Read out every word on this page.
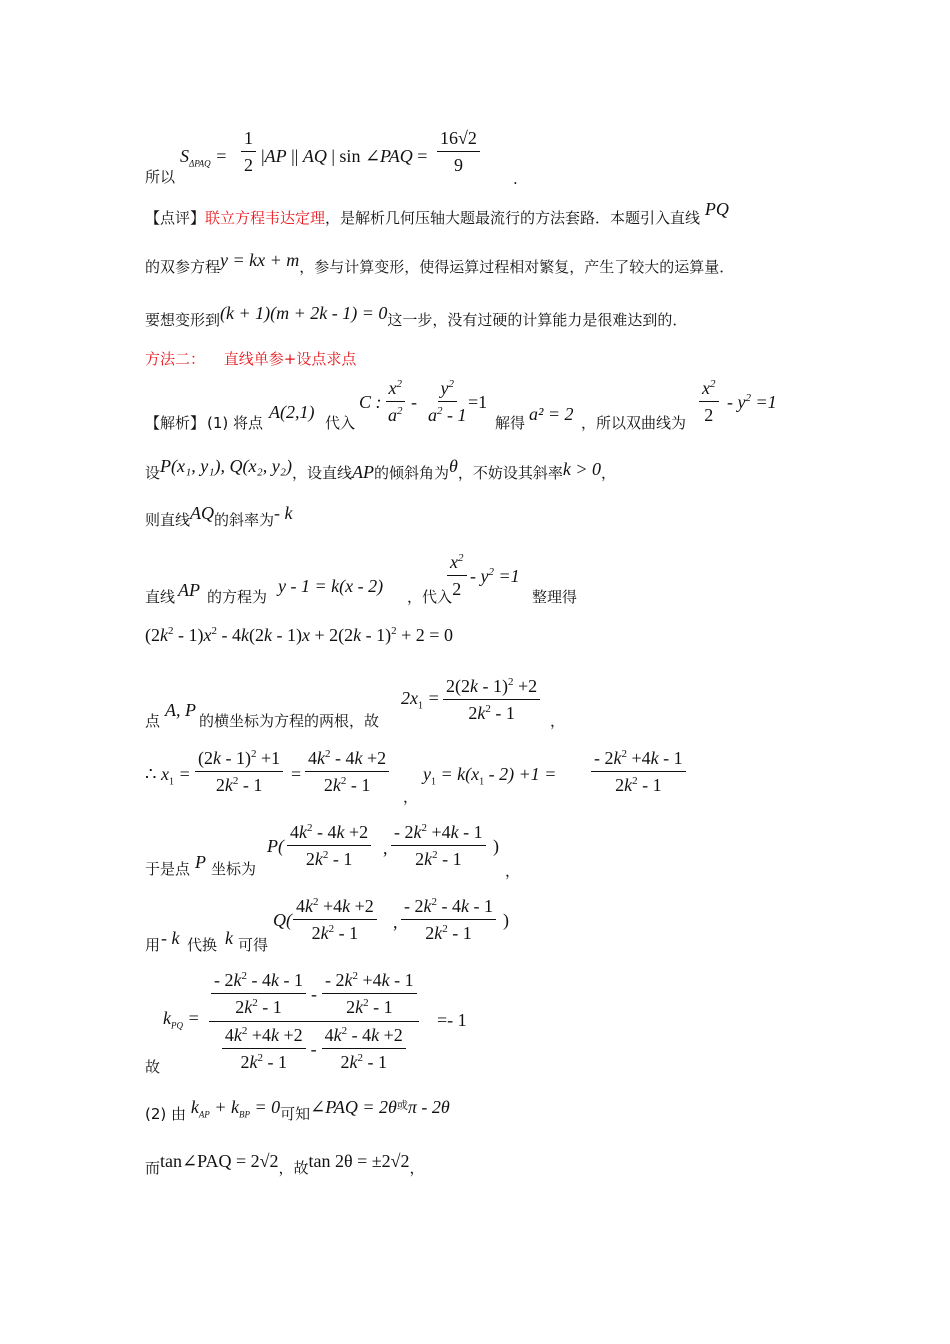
所以
$S_{\Delta PAQ} = \frac{1}{2} |AP$ || AQ | sin ∠PAQ = $\frac{16√2}{9}$
.
【点评】联立方程韦达定理，是解析几何压轴大题最流行的方法套路．本题引入直线 PQ
的双参方程y = kx + m，参与计算变形，使得运算过程相对繁复，产生了较大的运算量．
要想变形到(k + 1)(m + 2k - 1) = 0这一步，没有过硬的计算能力是很难达到的．
方法二： 直线单参+设点求点
【解析】 (1) 将点
A(2,1)
代入
C : $\frac{x^2}{a^2} - \frac{y^2}{a^2 - 1}$
=1
解得 a² = 2 ，所以双曲线为 $\frac{x^2}{2} - y^2 =1$
设P(x₁, y₁), Q(x₂, y₂)，设直线AP的倾斜角为θ，不妨设其斜率k > 0，
则直线AQ的斜率为- k
直线 AP 的方程为
y - 1 = k(x - 2)
，代入
$\frac{x^2}{2} - y^2 =1$
整理得
$(2k^2 - 1)x^2 - 4k(2k - 1)x + 2(2k - 1)^2 + 2 = 0$
点
A, P
的横坐标为方程的两根，故
$2x_1 = \frac{2(2k - 1)^2 +2}{2k^2 - 1}$ ，
∴ $x_1 = \frac{(2k - 1)^2 +1}{2k^2 - 1} = \frac{4k^2 - 4k +2}{2k^2 - 1}$
，
$y_1 = k(x_1 - 2) +1 = \frac{- 2k^2 +4k - 1}{2k^2 - 1}$
于是点 P 坐标为
$P( \frac{4k^2 - 4k +2}{2k^2 - 1}$ , $\frac{- 2k^2 +4k - 1}{2k^2 - 1}$ )
，
用 - k 代换 k 可得
$Q( \frac{4k^2 +4k +2}{2k^2 - 1}$ , $\frac{- 2k^2 - 4k - 1}{2k^2 - 1}$ )
故
$k_{PQ} = \frac{- 2k^2 - 4k - 1}{2k^2 - 1} - \frac{- 2k^2 +4k - 1}{2k^2 - 1}$
$\frac{4k^2 +4k +2}{2k^2 - 1} - \frac{4k^2 - 4k +2}{2k^2 - 1}$
=- 1
(2) 由 $k_{AP} + k_{BP} = 0$可知∠PAQ = $2\theta^或\pi - 2\theta$
而tan∠PAQ = 2√2，故tan 2θ = ±2√2，
